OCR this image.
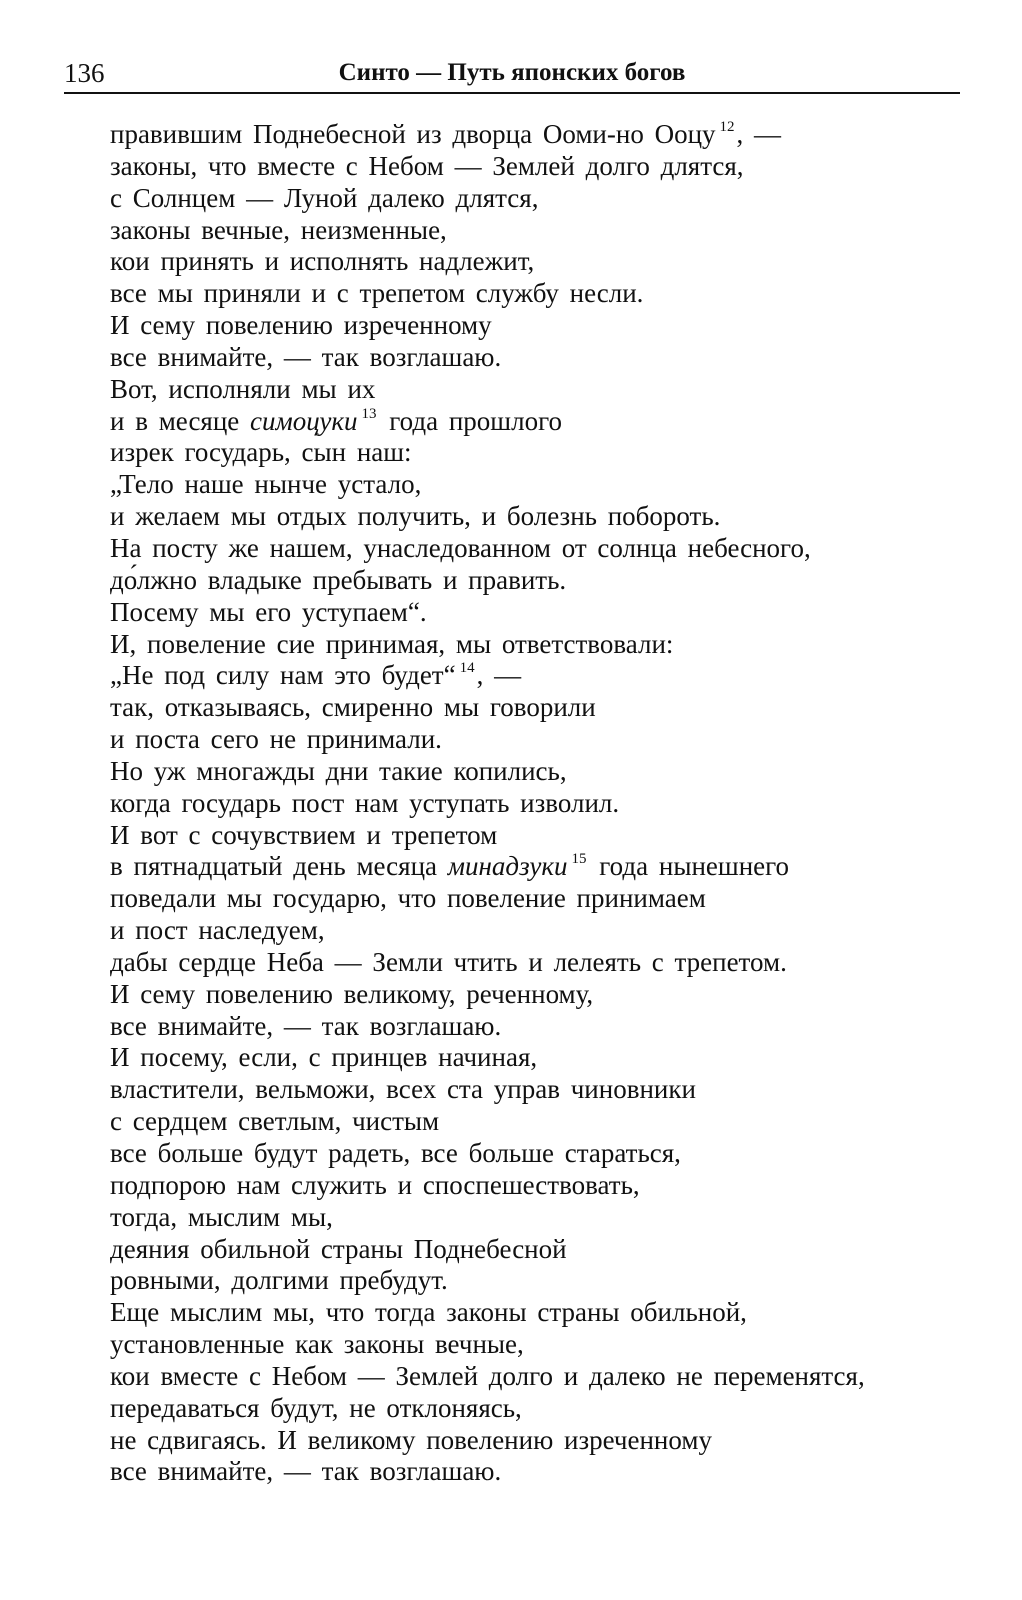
136	Синто — Путь японских богов
правившим Поднебесной из дворца Ооми-но Ооцу $^{12}$, —
законы, что вместе с Небом — Землей долго длятся,
с Солнцем — Луной далеко длятся,
законы вечные, неизменные,
кои принять и исполнять надлежит,
все мы приняли и с трепетом службу несли.
И сему повелению изреченному
все внимайте, — так возглашаю.
Вот, исполняли мы их
и в месяце симоцуки $^{13}$ года прошлого
изрек государь, сын наш:
„Тело наше нынче устало,
и желаем мы отдых получить, и болезнь побороть.
На посту же нашем, унаследованном от солнца небесного,
до́лжно владыке пребывать и править.
Посему мы его уступаем“.
И, повеление сие принимая, мы ответствовали:
„Не под силу нам это будет“ $^{14}$, —
так, отказываясь, смиренно мы говорили
и поста сего не принимали.
Но уж многажды дни такие копились,
когда государь пост нам уступать изволил.
И вот с сочувствием и трепетом
в пятнадцатый день месяца минадзуки $^{15}$ года нынешнего
поведали мы государю, что повеление принимаем
и пост наследуем,
дабы сердце Неба — Земли чтить и лелеять с трепетом.
И сему повелению великому, реченному,
все внимайте, — так возглашаю.
И посему, если, с принцев начиная,
властители, вельможи, всех ста управ чиновники
с сердцем светлым, чистым
все больше будут радеть, все больше стараться,
подпорою нам служить и споспешествовать,
тогда, мыслим мы,
деяния обильной страны Поднебесной
ровными, долгими пребудут.
Еще мыслим мы, что тогда законы страны обильной,
установленные как законы вечные,
кои вместе с Небом — Землей долго и далеко не переменятся,
передаваться будут, не отклоняясь,
не сдвигаясь. И великому повелению изреченному
все внимайте, — так возглашаю.
